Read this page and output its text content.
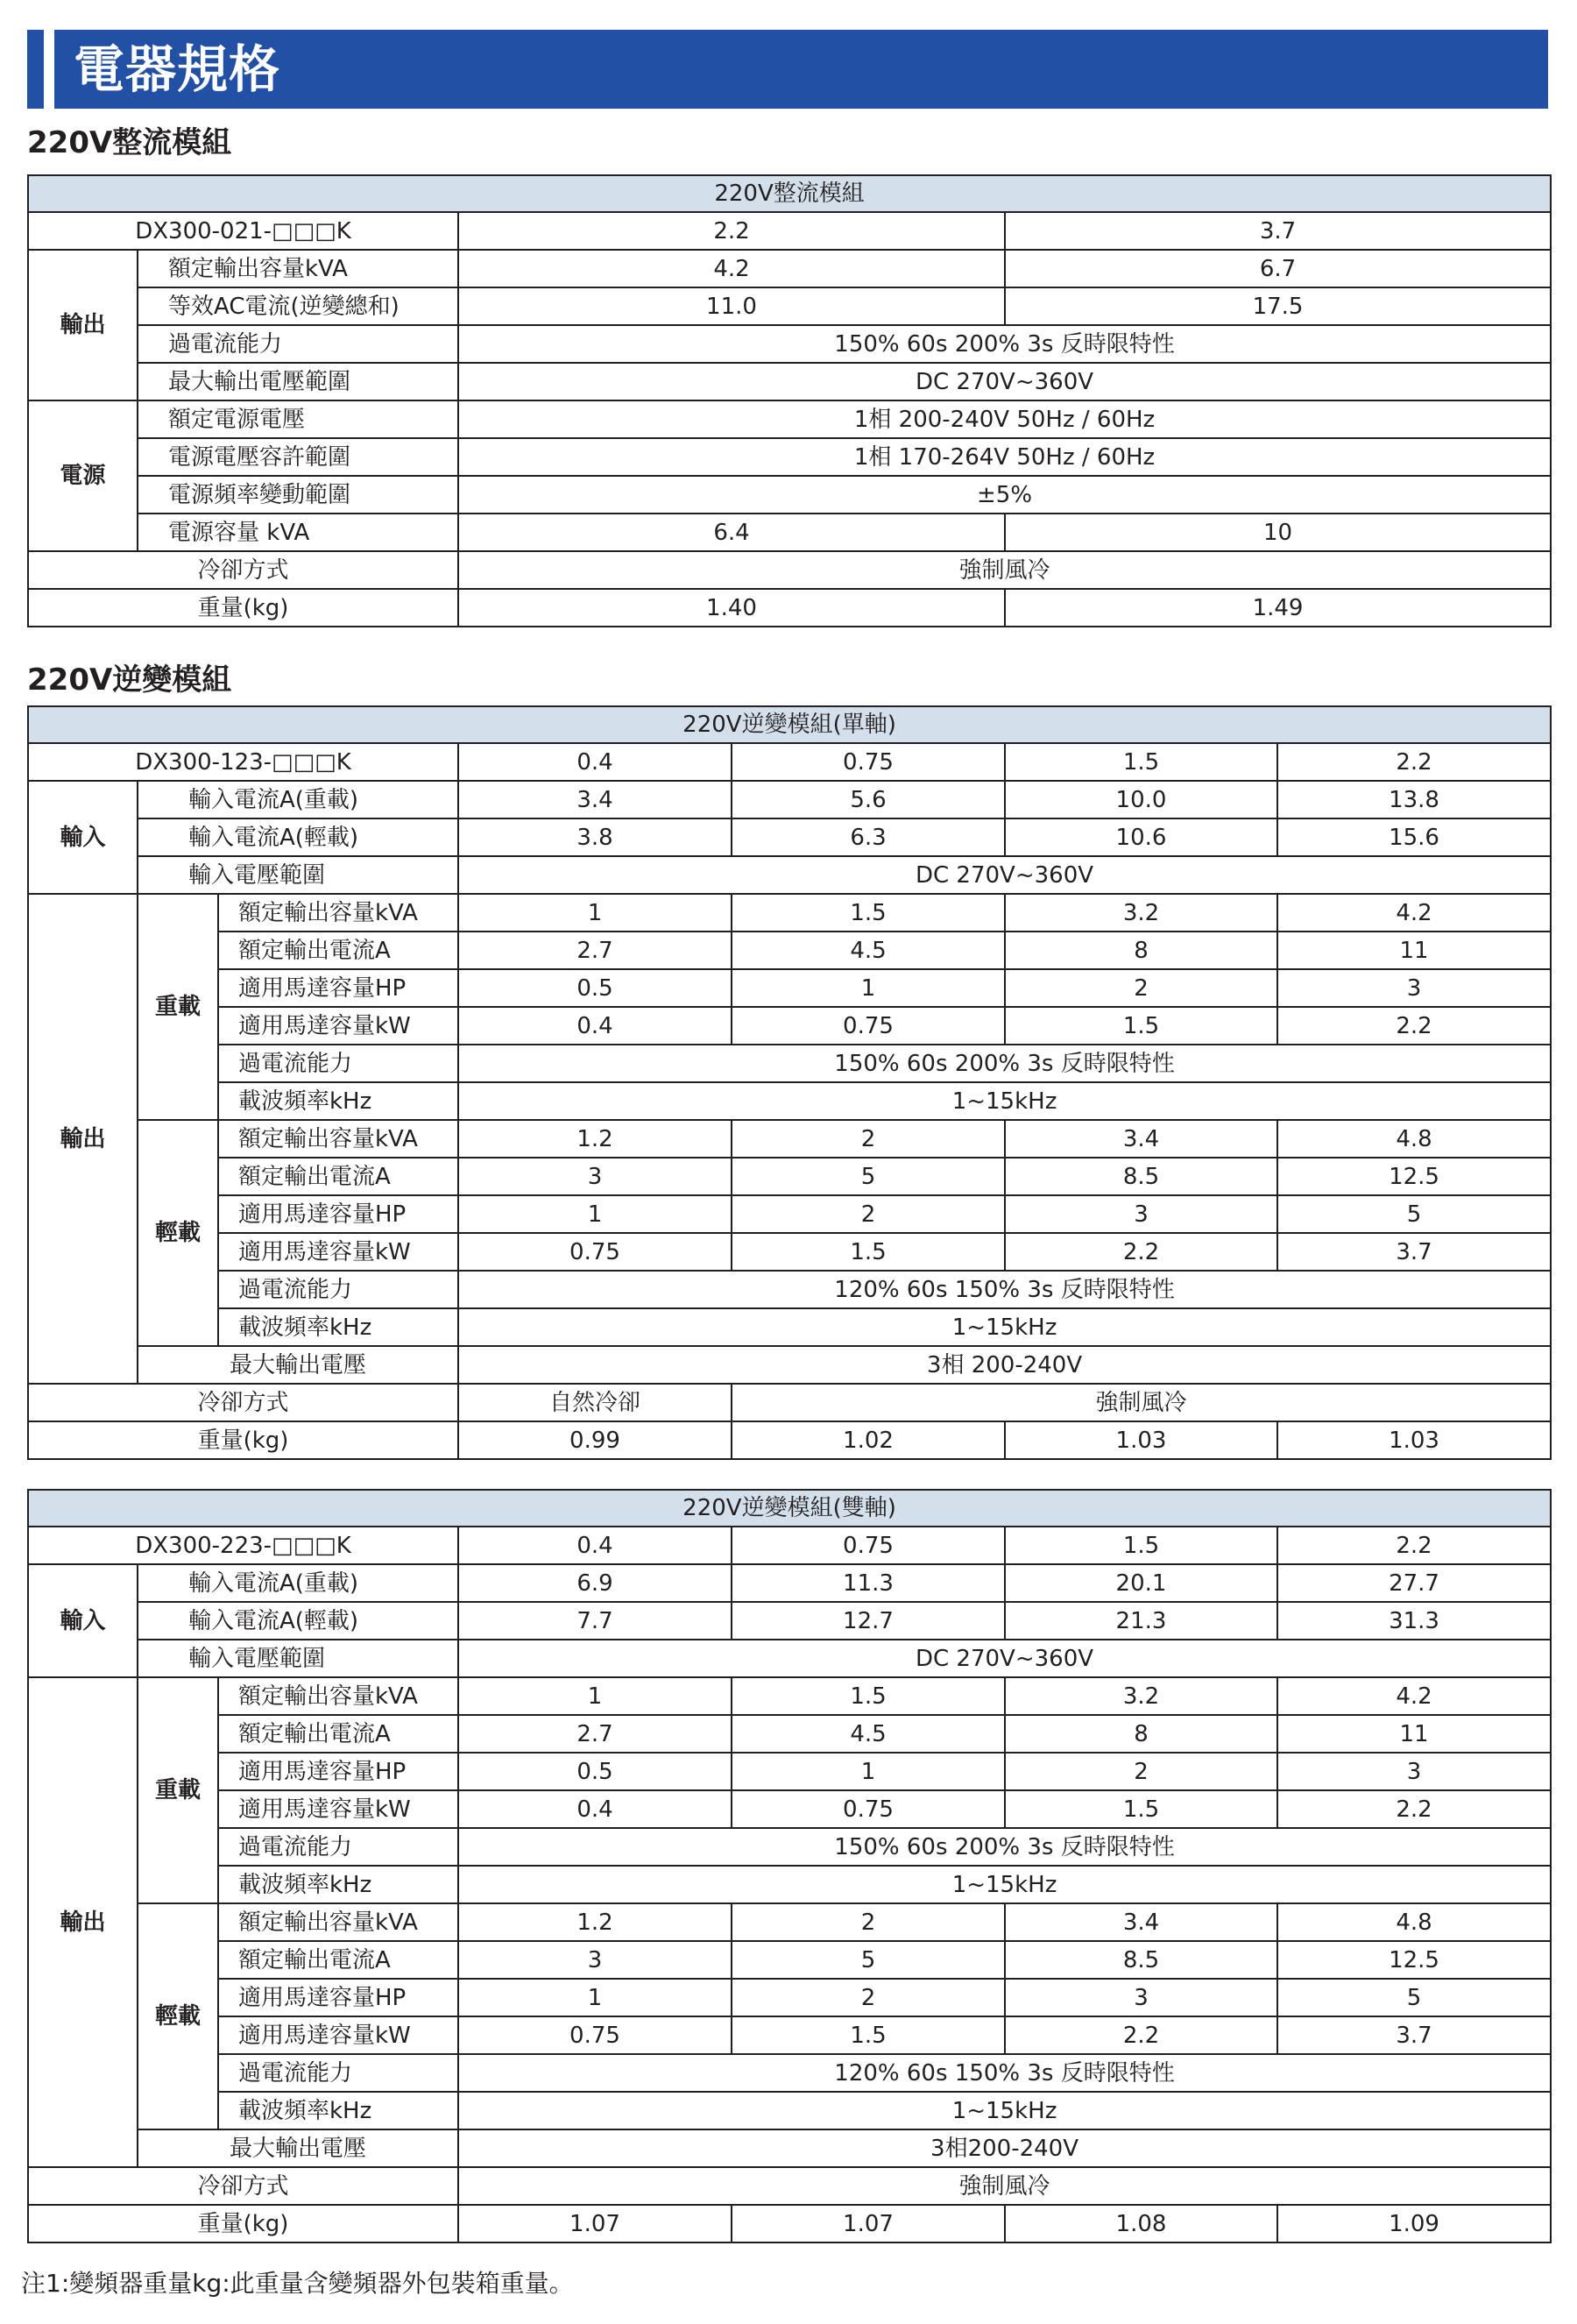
電器規格
220V整流模組
220V整流模組			
DX300-021-□□□K		2.2	3.7
輸出	額定輸出容量kVA	4.2	6.7
	等效AC電流(逆變總和)	11.0	17.5
	過電流能力	150% 60s 200% 3s 反時限特性	
	最大輸出電壓範圍	DC 270V~360V	
電源	額定電源電壓	1相 200-240V 50Hz / 60Hz	
	電源電壓容許範圍	1相 170-264V 50Hz / 60Hz	
	電源頻率變動範圍	±5%	
	電源容量 kVA	6.4	10
冷卻方式		強制風冷	
重量(kg)		1.40	1.49
220V逆變模組
220V逆變模組(單軸)						
DX300-123-□□□K			0.4	0.75	1.5	2.2
輸入	輸入電流A(重載)		3.4	5.6	10.0	13.8
	輸入電流A(輕載)		3.8	6.3	10.6	15.6
	輸入電壓範圍		DC 270V~360V			
輸出	重載	額定輸出容量kVA	1	1.5	3.2	4.2
		額定輸出電流A	2.7	4.5	8	11
		適用馬達容量HP	0.5	1	2	3
		適用馬達容量kW	0.4	0.75	1.5	2.2
		過電流能力	150% 60s 200% 3s 反時限特性			
		載波頻率kHz	1~15kHz			
	輕載	額定輸出容量kVA	1.2	2	3.4	4.8
		額定輸出電流A	3	5	8.5	12.5
		適用馬達容量HP	1	2	3	5
		適用馬達容量kW	0.75	1.5	2.2	3.7
		過電流能力	120% 60s 150% 3s 反時限特性			
		載波頻率kHz	1~15kHz			
	最大輸出電壓		3相 200-240V			
冷卻方式			自然冷卻	強制風冷		
重量(kg)			0.99	1.02	1.03	1.03
220V逆變模組(雙軸)						
DX300-223-□□□K			0.4	0.75	1.5	2.2
輸入	輸入電流A(重載)		6.9	11.3	20.1	27.7
	輸入電流A(輕載)		7.7	12.7	21.3	31.3
	輸入電壓範圍		DC 270V~360V			
輸出	重載	額定輸出容量kVA	1	1.5	3.2	4.2
		額定輸出電流A	2.7	4.5	8	11
		適用馬達容量HP	0.5	1	2	3
		適用馬達容量kW	0.4	0.75	1.5	2.2
		過電流能力	150% 60s 200% 3s 反時限特性			
		載波頻率kHz	1~15kHz			
	輕載	額定輸出容量kVA	1.2	2	3.4	4.8
		額定輸出電流A	3	5	8.5	12.5
		適用馬達容量HP	1	2	3	5
		適用馬達容量kW	0.75	1.5	2.2	3.7
		過電流能力	120% 60s 150% 3s 反時限特性			
		載波頻率kHz	1~15kHz			
	最大輸出電壓		3相200-240V			
冷卻方式			強制風冷			
重量(kg)			1.07	1.07	1.08	1.09
注1:變頻器重量kg:此重量含變頻器外包裝箱重量。
